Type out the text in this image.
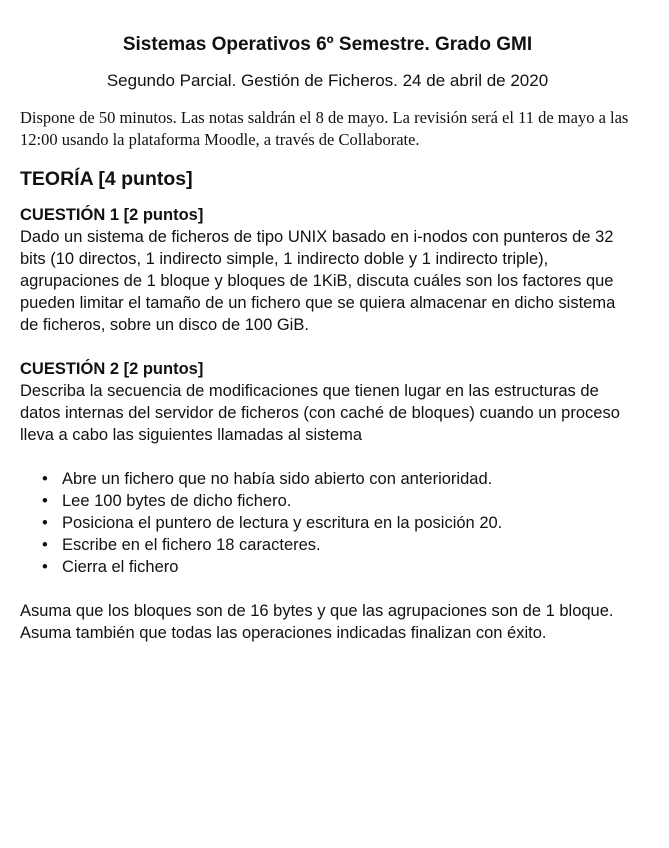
Sistemas Operativos 6º Semestre. Grado GMI
Segundo Parcial. Gestión de Ficheros. 24 de abril de 2020

Dispone de 50 minutos. Las notas saldrán el 8 de mayo. La revisión será el 11 de mayo a las 12:00 usando la plataforma Moodle, a través de Collaborate.

TEORÍA [4 puntos]
CUESTIÓN 1 [2 puntos]

Dado un sistema de ficheros de tipo UNIX basado en i-nodos con punteros de 32 bits (10 directos, 1 indirecto simple, 1 indirecto doble y 1 indirecto triple), agrupaciones de 1 bloque y bloques de 1KiB, discuta cuáles son los factores que pueden limitar el tamaño de un fichero que se quiera almacenar en dicho sistema de ficheros, sobre un disco de 100 GiB.

CUESTIÓN 2 [2 puntos]

Describa la secuencia de modificaciones que tienen lugar en las estructuras de datos internas del servidor de ficheros (con caché de bloques) cuando un proceso lleva a cabo las siguientes llamadas al sistema

• Abre un fichero que no había sido abierto con anterioridad.
• Lee 100 bytes de dicho fichero.
• Posiciona el puntero de lectura y escritura en la posición 20.
• Escribe en el fichero 18 caracteres.
• Cierra el fichero

Asuma que los bloques son de 16 bytes y que las agrupaciones son de 1 bloque. Asuma también que todas las operaciones indicadas finalizan con éxito.
